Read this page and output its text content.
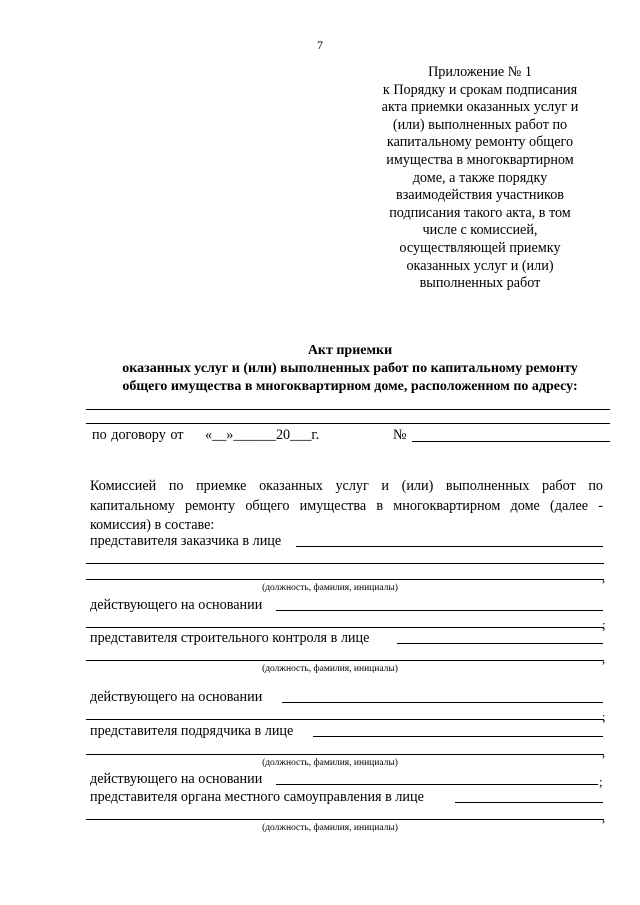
7
Приложение № 1
к Порядку и срокам подписания
акта приемки оказанных услуг и
(или) выполненных работ по
капитальному ремонту общего
имущества в многоквартирном
доме, а также порядку
взаимодействия участников
подписания такого акта, в том
числе с комиссией,
осуществляющей приемку
оказанных услуг и (или)
выполненных работ
Акт приемки
оказанных услуг и (или) выполненных работ по капитальному ремонту
общего имущества в многоквартирном доме, расположенном по адресу:
по договору от «__»______20___г.	№
Комиссией по приемке оказанных услуг и (или) выполненных работ по
капитальному ремонту общего имущества в многоквартирном доме (далее -
комиссия) в составе:
представителя заказчика в лице
,
(должность, фамилия, инициалы)
действующего на основании
;
представителя строительного контроля в лице
,
(должность, фамилия, инициалы)
действующего на основании
;
представителя подрядчика в лице
,
(должность, фамилия, инициалы)
действующего на основании	;
представителя органа местного самоуправления в лице
,
(должность, фамилия, инициалы)
